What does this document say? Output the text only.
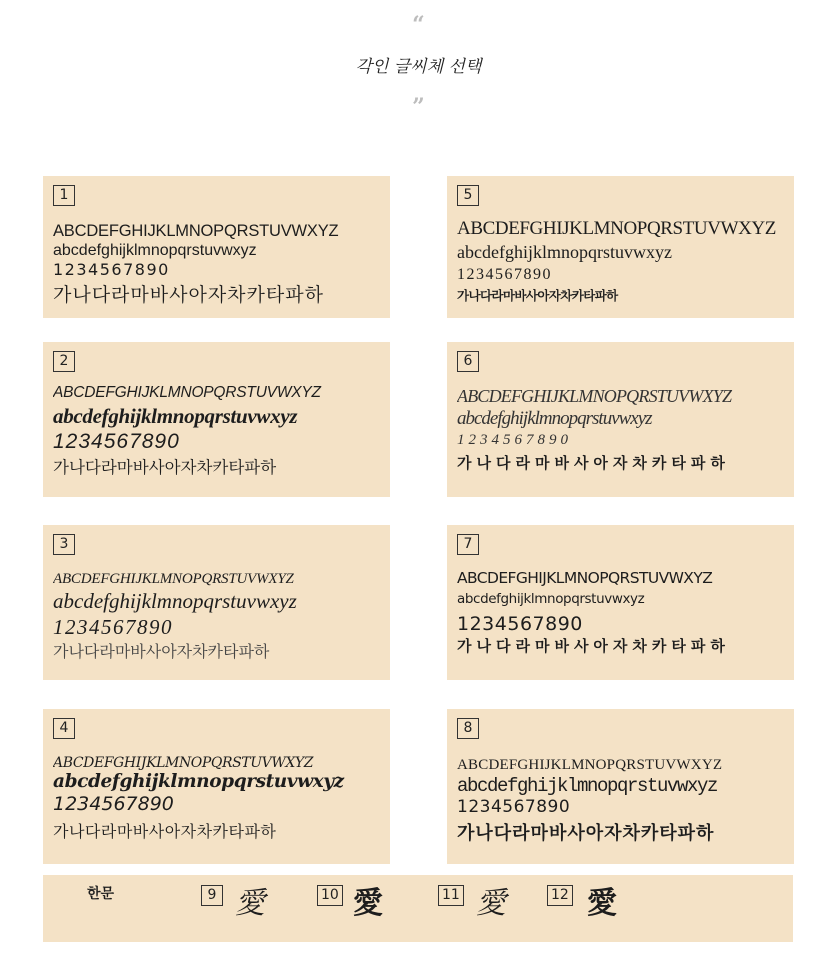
“
각인 글씨체 선택
”
1
ABCDEFGHIJKLMNOPQRSTUVWXYZ
abcdefghijklmnopqrstuvwxyz
1234567890
가나다라마바사아자차카타파하
5
ABCDEFGHIJKLMNOPQRSTUVWXYZ
abcdefghijklmnopqrstuvwxyz
1234567890
가나다라마바사아자차카타파하
2
ABCDEFGHIJKLMNOPQRSTUVWXYZ
abcdefghijklmnopqrstuvwxyz
1234567890
가나다라마바사아자차카타파하
6
ABCDEFGHIJKLMNOPQRSTUVWXYZ
abcdefghijklmnopqrstuvwxyz
1234567890
가나다라마바사아자차카타파하
3
ABCDEFGHIJKLMNOPQRSTUVWXYZ
abcdefghijklmnopqrstuvwxyz
1234567890
가나다라마바사아자차카타파하
7
ABCDEFGHIJKLMNOPQRSTUVWXYZ
abcdefghijklmnopqrstuvwxyz
1234567890
가나다라마바사아자차카타파하
4
ABCDEFGHIJKLMNOPQRSTUVWXYZ
abcdefghijklmnopqrstuvwxyz
1234567890
가나다라마바사아자차카타파하
8
ABCDEFGHIJKLMNOPQRSTUVWXYZ
abcdefghijklmnopqrstuvwxyz
1234567890
가나다라마바사아자차카타파하
한문	9 愛	10 愛	11 愛	12 愛
